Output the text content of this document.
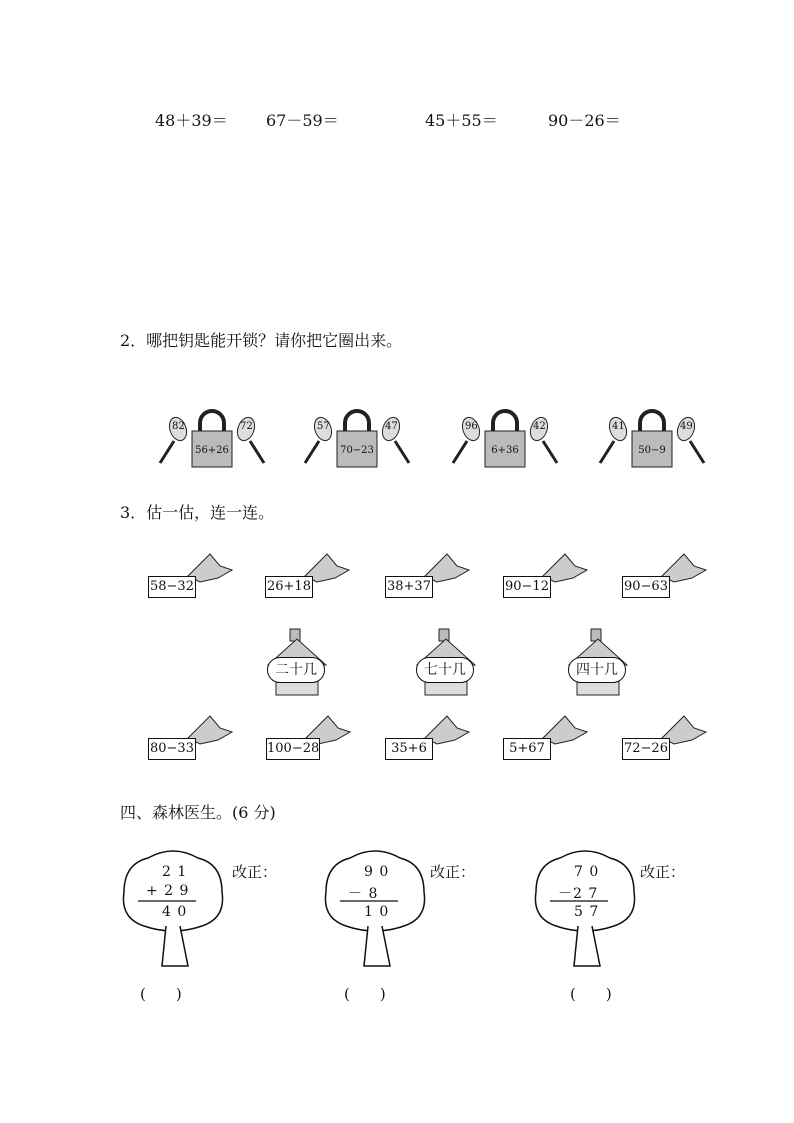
48＋39＝ 67－59＝	45＋55＝	90－26＝
2．哪把钥匙能开锁？请你把它圈出来。
82	72
56+26
57	47
70−23
96	42
6+36
41	49
50−9
3．估一估，连一连。
58−32	26+18	38+37	90−12	90−63
二十几	七十几	四十几
80−33	100−28	35+6	5+67	72−26
四、森林医生。(6 分)
2 1
+ 2 9
4 0
改正：
(　　)
9 0
－ 8
1 0
改正：
(　　)
7 0
－2 7
5 7
改正：
(　　)
